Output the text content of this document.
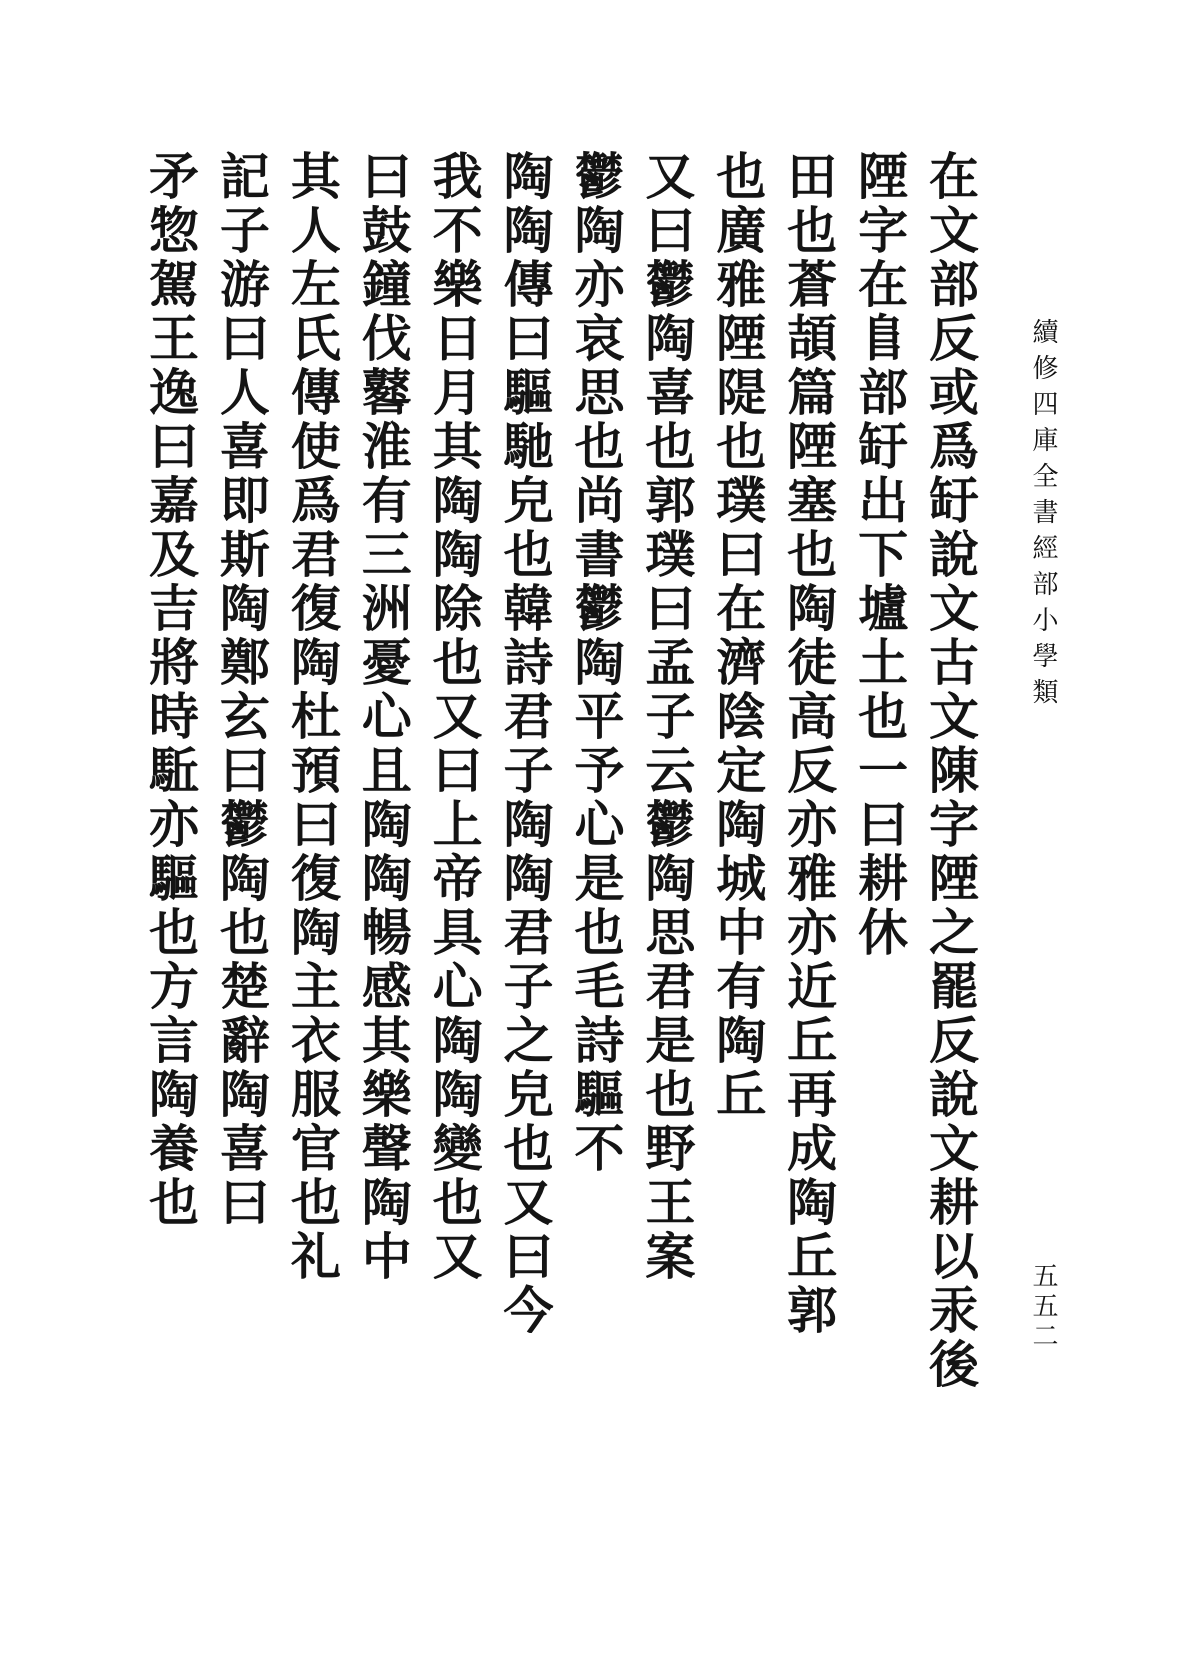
續修四庫全書經部小學類
五五二
在文部反或爲䍂說文古文陳字陻之罷反說文耕以汞後
陻字在𨸏部䍂出下壚土也一曰耕休
田也蒼頡篇陻塞也陶徒高反亦雅亦近丘再成陶丘郭
也廣雅陻隄也璞曰在濟陰定陶城中有陶丘
又曰鬱陶喜也郭璞曰孟子云鬱陶思君是也野王案
鬱陶亦哀思也尚書鬱陶平予心是也毛詩驅不
陶陶傳曰驅馳皃也韓詩君子陶陶君子之皃也又曰今
我不樂日月其陶陶除也又曰上帝具心陶陶變也又
曰鼓鐘伐鼛淮有三洲憂心且陶陶暢感其樂聲陶中
其人左氏傳使爲君復陶杜預曰復陶主衣服官也礼
記子游曰人喜即斯陶鄭玄曰鬱陶也楚辭陶喜曰
矛惣駕王逸曰嘉及吉將時駈亦驅也方言陶養也
